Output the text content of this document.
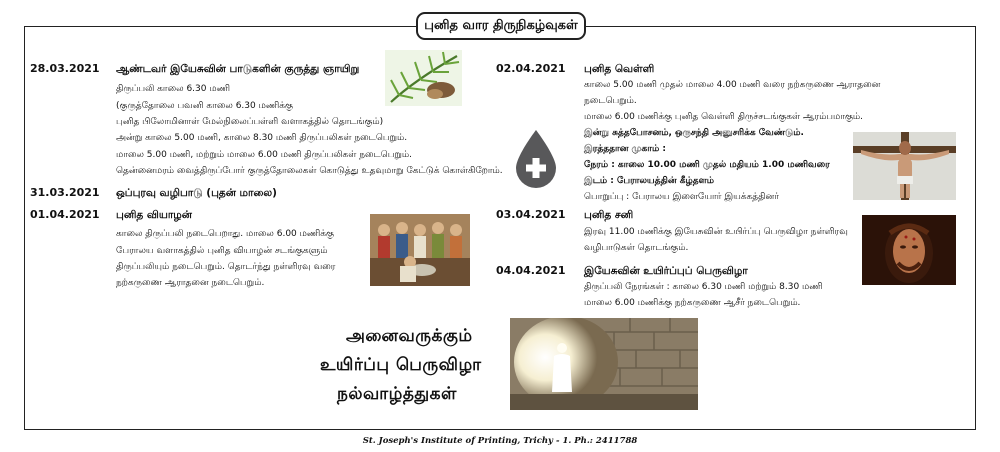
புனித வார திருநிகழ்வுகள்
28.03.2021 ஆண்டவர் இயேசுவின் பாடுகளின் குருத்து ஞாயிறு
திருப்பலி காலை 6.30 மணி
(குருத்தோலை பவனி காலை 6.30 மணிக்கு
புனித பிலோமினாள் மேல்நிலைப்பள்ளி வளாகத்தில் தொடங்கும்)
அன்று காலை 5.00 மணி, காலை 8.30 மணி திருப்பலிகள் நடைபெறும்.
மாலை 5.00 மணி, மற்றும் மாலை 6.00 மணி திருப்பலிகள் நடைபெறும்.
தென்னைமரம் வைத்திருப்போர் குருத்தோலைகள் கொடுத்து உதவுமாறு கேட்டுக் கொள்கிறோம்.
31.03.2021 ஒப்புரவு வழிபாடு (புதன் மாலை)
01.04.2021 புனித வியாழன்
காலை திருப்பலி நடைபெறாது. மாலை 6.00 மணிக்கு
பேராலய வளாகத்தில் புனித வியாழன் சடங்குகளும்
திருப்பலியும் நடைபெறும். தொடர்ந்து நள்ளிரவு வரை
நற்கருணை ஆராதனை நடைபெறும்.
02.04.2021 புனித வெள்ளி
காலை 5.00 மணி முதல் மாலை 4.00 மணி வரை நற்கருணை ஆராதனை
நடைபெறும்.
மாலை 6.00 மணிக்கு புனித வெள்ளி திருச்சடங்குகள் ஆரம்பமாகும்.
இன்று சுத்தபோசனம், ஒருசந்தி அனுசரிக்க வேண்டும்.
இரத்ததான முகாம் :
நேரம் : காலை 10.00 மணி முதல் மதியம் 1.00 மணிவரை
இடம் : பேராலயத்தின் கீழ்தளம்
பொறுப்பு : பேராலய இளையோர் இயக்கத்தினர்
03.04.2021 புனித சனி
இரவு 11.00 மணிக்கு இயேசுவின் உயிர்ப்பு பெருவிழா நள்ளிரவு
வழிபாடுகள் தொடங்கும்.
04.04.2021 இயேசுவின் உயிர்ப்புப் பெருவிழா
திருப்பலி நேரங்கள் : காலை 6.30 மணி மற்றும் 8.30 மணி
மாலை 6.00 மணிக்கு நற்கருணை ஆசீர் நடைபெறும்.
அனைவருக்கும்
உயிர்ப்பு பெருவிழா
நல்வாழ்த்துகள்
St. Joseph's Institute of Printing, Trichy - 1. Ph.: 2411788
